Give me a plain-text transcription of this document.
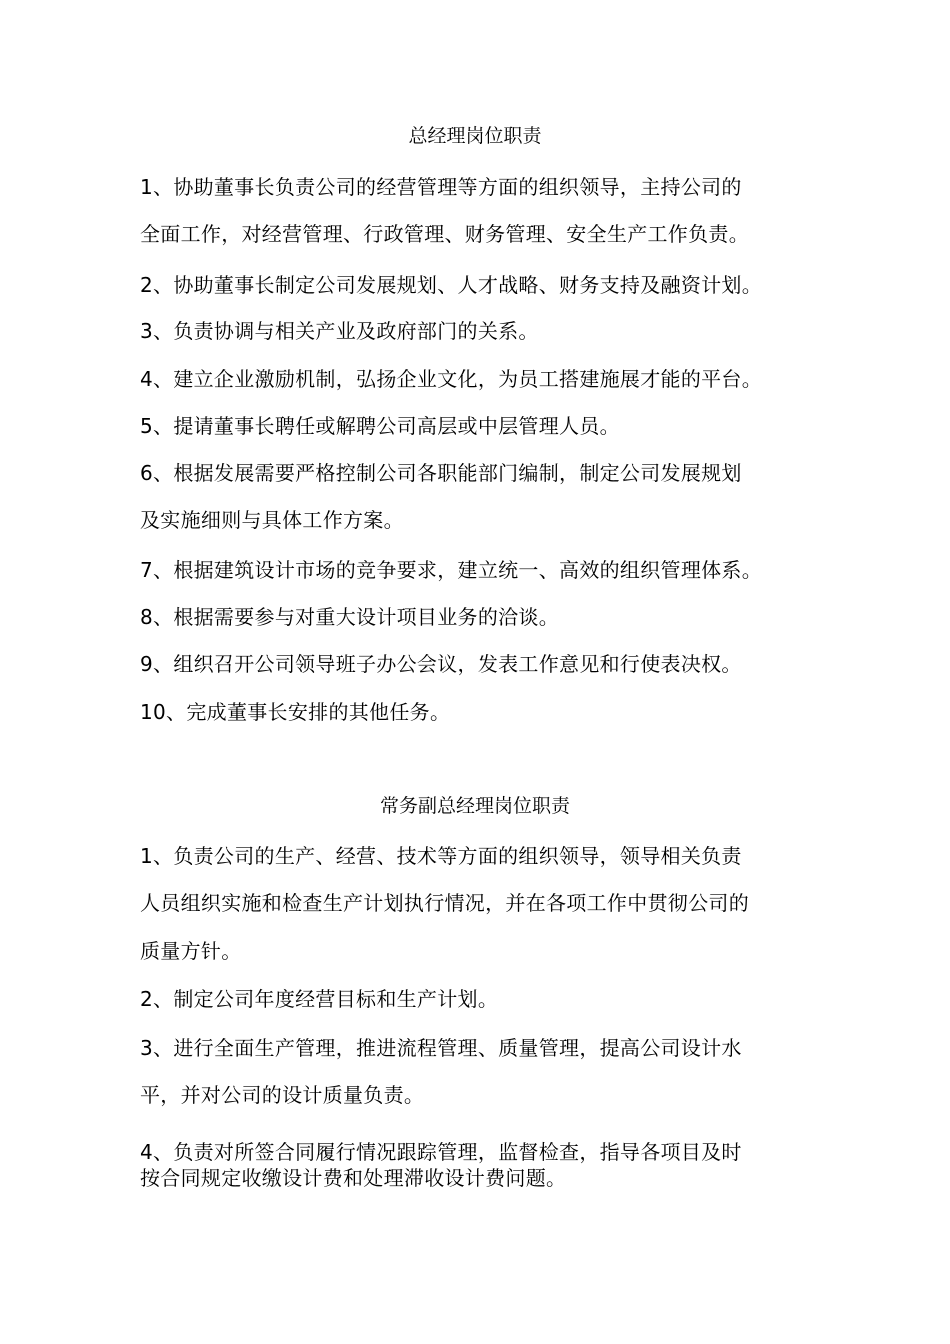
总经理岗位职责
1、协助董事长负责公司的经营管理等方面的组织领导，主持公司的
全面工作，对经营管理、行政管理、财务管理、安全生产工作负责。
2、协助董事长制定公司发展规划、人才战略、财务支持及融资计划。
3、负责协调与相关产业及政府部门的关系。
4、建立企业激励机制，弘扬企业文化，为员工搭建施展才能的平台。
5、提请董事长聘任或解聘公司高层或中层管理人员。
6、根据发展需要严格控制公司各职能部门编制，制定公司发展规划
及实施细则与具体工作方案。
7、根据建筑设计市场的竞争要求，建立统一、高效的组织管理体系。
8、根据需要参与对重大设计项目业务的洽谈。
9、组织召开公司领导班子办公会议，发表工作意见和行使表决权。
10、完成董事长安排的其他任务。
常务副总经理岗位职责
1、负责公司的生产、经营、技术等方面的组织领导，领导相关负责
人员组织实施和检查生产计划执行情况，并在各项工作中贯彻公司的
质量方针。
2、制定公司年度经营目标和生产计划。
3、进行全面生产管理，推进流程管理、质量管理，提高公司设计水
平，并对公司的设计质量负责。
4、负责对所签合同履行情况跟踪管理，监督检查，指导各项目及时
按合同规定收缴设计费和处理滞收设计费问题。
